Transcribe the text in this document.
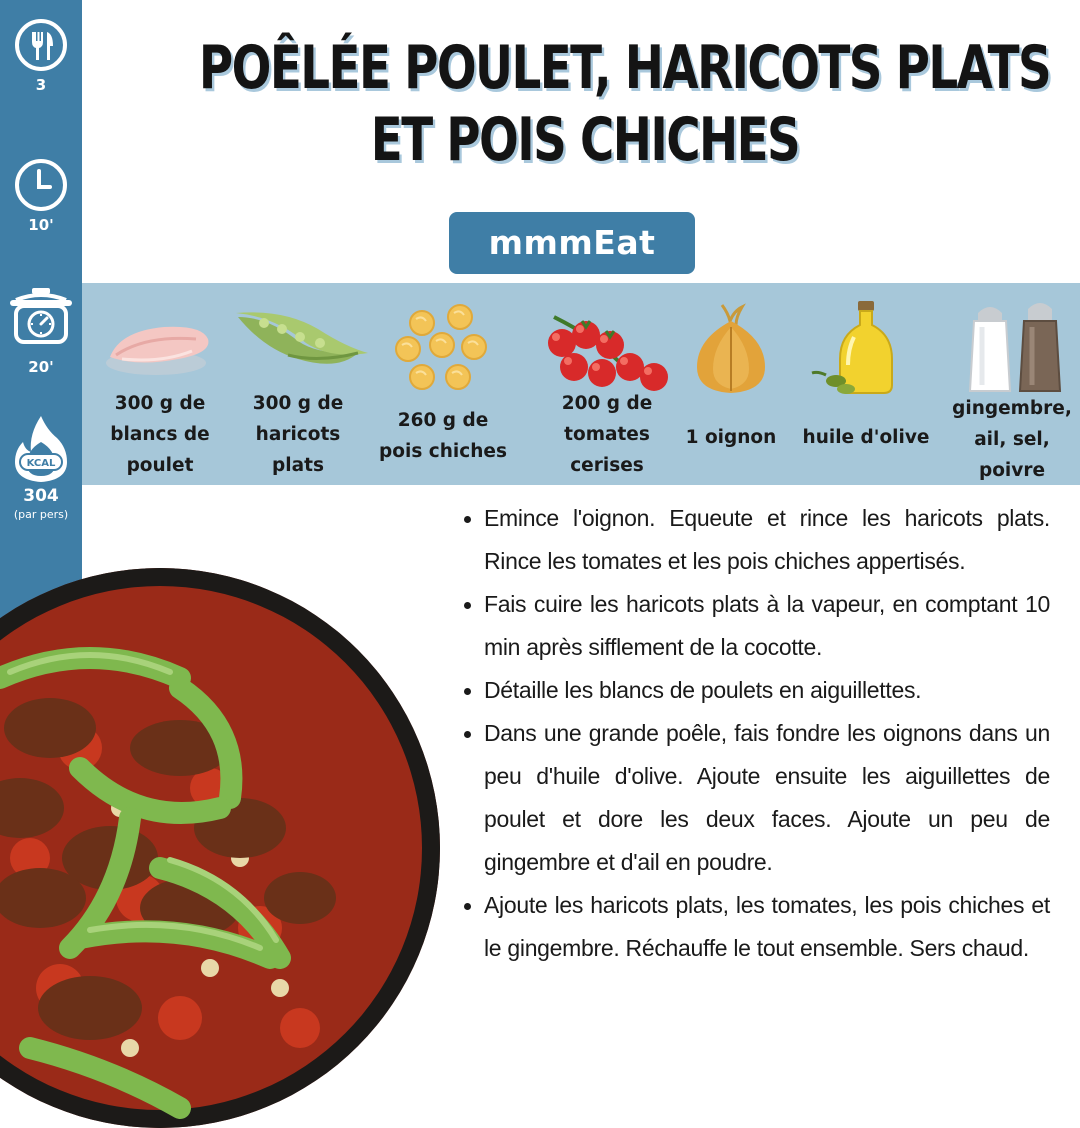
3
10'
20'
KCAL
304
(par pers)
POÊLÉE POULET, HARICOTS PLATS
ET POIS CHICHES
mmmEat
300 g de
blancs de
poulet
300 g de
haricots
plats
260 g de
pois chiches
200 g de
tomates
cerises
1 oignon	huile d'olive
gingembre,
ail, sel,
poivre
Emince l'oignon. Equeute et rince les haricots plats. Rince les tomates et les pois chiches appertisés.
Fais cuire les haricots plats à la vapeur, en comptant 10 min après sifflement de la cocotte.
Détaille les blancs de poulets en aiguillettes.
Dans une grande poêle, fais fondre les oignons dans un peu d'huile d'olive. Ajoute ensuite les aiguillettes de poulet et dore les deux faces. Ajoute un peu de gingembre et d'ail en poudre.
Ajoute les haricots plats, les tomates, les pois chiches et le gingembre. Réchauffe le tout ensemble. Sers chaud.
